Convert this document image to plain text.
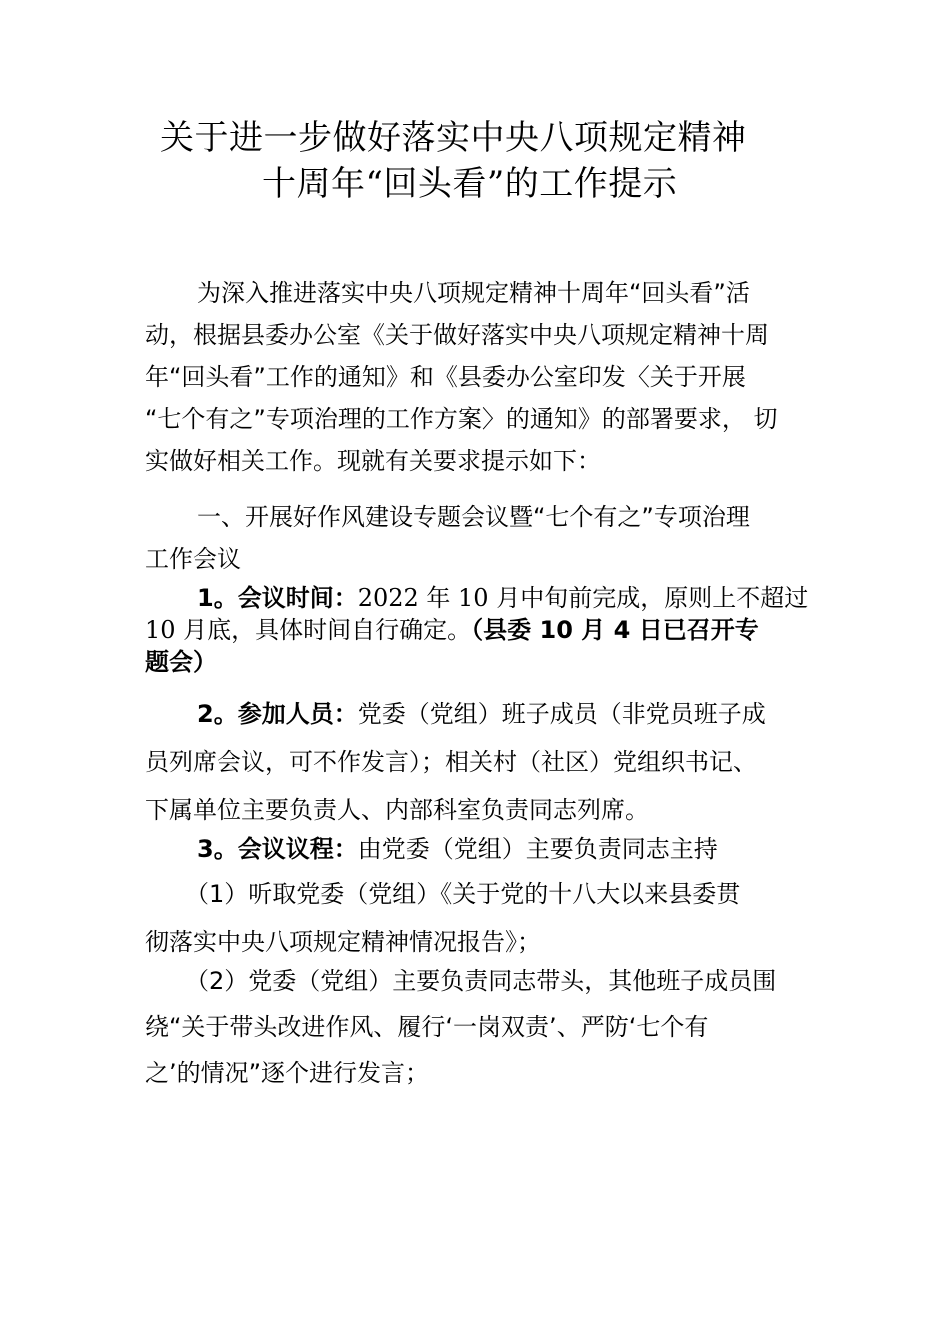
关于进一步做好落实中央八项规定精神
十周年“回头看”的工作提示
为深入推进落实中央八项规定精神十周年“回头看”活
动，根据县委办公室《关于做好落实中央八项规定精神十周
年“回头看”工作的通知》和《县委办公室印发〈关于开展
“七个有之”专项治理的工作方案〉的通知》的部署要求， 切
实做好相关工作。现就有关要求提示如下：
一、开展好作风建设专题会议暨“七个有之”专项治理
工作会议
1。会议时间：2022 年 10 月中旬前完成，原则上不超过
10 月底，具体时间自行确定。（县委 10 月 4 日已召开专
题会）
2。参加人员：党委（党组）班子成员（非党员班子成
员列席会议，可不作发言）；相关村（社区）党组织书记、
下属单位主要负责人、内部科室负责同志列席。
3。会议议程：由党委（党组）主要负责同志主持
（1）听取党委（党组）《关于党的十八大以来县委贯
彻落实中央八项规定精神情况报告》；
（2）党委（党组）主要负责同志带头，其他班子成员围
绕“关于带头改进作风、履行‘一岗双责’、严防‘七个有
之’的情况”逐个进行发言；
